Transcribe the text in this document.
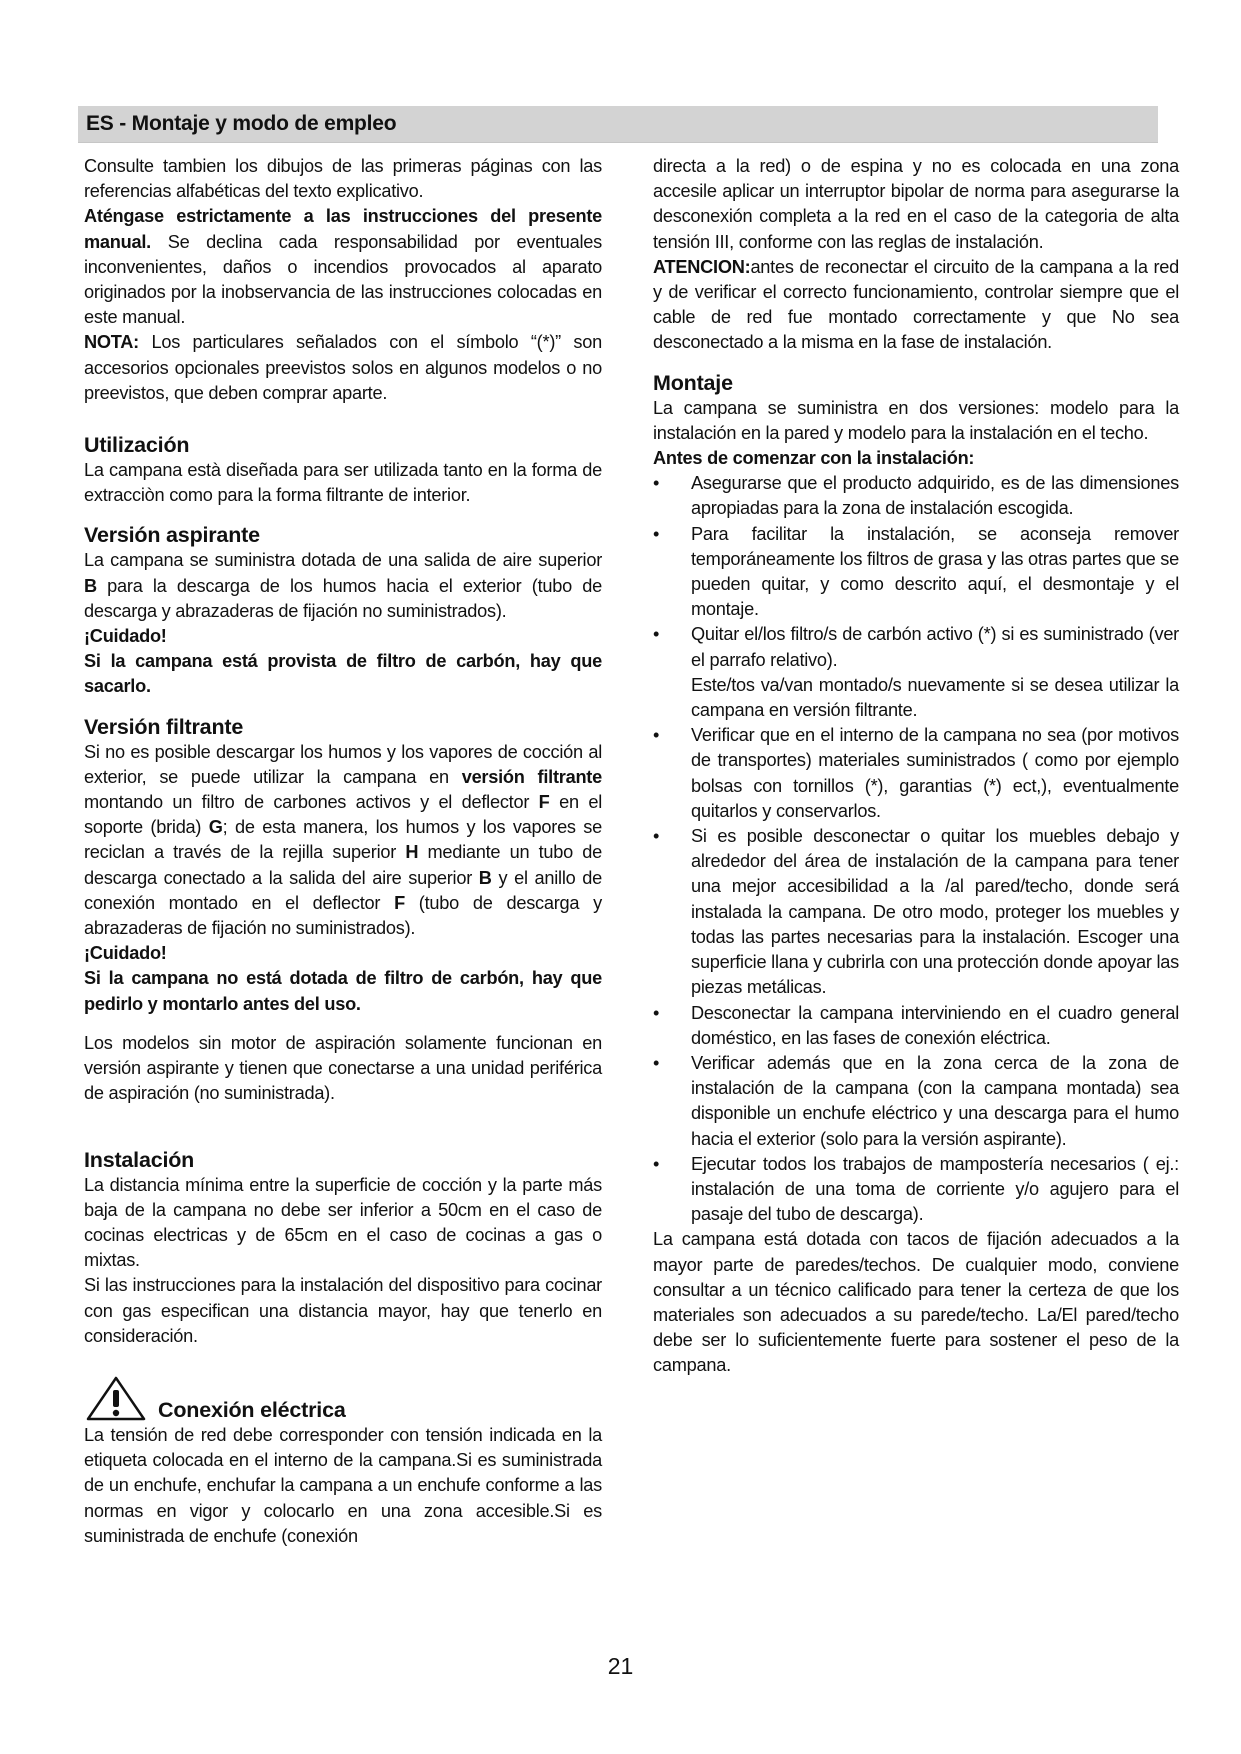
ES - Montaje y modo de empleo

Consulte tambien los dibujos de las primeras páginas con las referencias alfabéticas del texto explicativo.

Aténgase estrictamente a las instrucciones del presente manual. Se declina cada responsabilidad por eventuales inconvenientes, daños o incendios provocados al aparato originados por la inobservancia de las instrucciones colocadas en este manual.

NOTA: Los particulares señalados con el símbolo “(*)” son accesorios opcionales preevistos solos en algunos modelos o no preevistos, que deben comprar aparte.

Utilización

La campana està diseñada para ser utilizada tanto en la forma de extracciòn como para la forma filtrante de interior.

Versión aspirante

La campana se suministra dotada de una salida de aire superior B para la descarga de los humos hacia el exterior (tubo de descarga y abrazaderas de fijación no suministrados).

¡Cuidado!

Si la campana está provista de filtro de carbón, hay que sacarlo.

Versión filtrante

Si no es posible descargar los humos y los vapores de cocción al exterior, se puede utilizar la campana en versión filtrante montando un filtro de carbones activos y el deflector F en el soporte (brida) G; de esta manera, los humos y los vapores se reciclan a través de la rejilla superior H mediante un tubo de descarga conectado a la salida del aire superior B y el anillo de conexión montado en el deflector F (tubo de descarga y abrazaderas de fijación no suministrados).

¡Cuidado!

Si la campana no está dotada de filtro de carbón, hay que pedirlo y montarlo antes del uso.

Los modelos sin motor de aspiración solamente funcionan en versión aspirante y tienen que conectarse a una unidad periférica de aspiración (no suministrada).

Instalación

La distancia mínima entre la superficie de cocción y la parte más baja de la campana no debe ser inferior a 50cm en el caso de cocinas electricas y de 65cm en el caso de cocinas a gas o mixtas.

Si las instrucciones para la instalación del dispositivo para cocinar con gas especifican una distancia mayor, hay que tenerlo en consideración.

Conexión eléctrica

La tensión de red debe corresponder con tensión indicada en la etiqueta colocada en el interno de la campana.Si es suministrada de un enchufe, enchufar la campana a un enchufe conforme a las normas en vigor y colocarlo en una zona accesible.Si es suministrada de enchufe (conexión

directa a la red) o de espina y no es colocada en una zona accesile aplicar un interruptor bipolar de norma para asegurarse la desconexión completa a la red en el caso de la categoria de alta tensión III, conforme con las reglas de instalación.

ATENCION:antes de reconectar el circuito de la campana a la red y de verificar el correcto funcionamiento, controlar siempre que el cable de red fue montado correctamente y que No sea desconectado a la misma en la fase de instalación.

Montaje

La campana se suministra en dos versiones: modelo para la instalación en la pared y modelo para la instalación en el techo.

Antes de comenzar con la instalación:

• Asegurarse que el producto adquirido, es de las dimensiones apropiadas para la zona de instalación escogida.
• Para facilitar la instalación, se aconseja remover temporáneamente los filtros de grasa y las otras partes que se pueden quitar, y como descrito aquí, el desmontaje y el montaje.
• Quitar el/los filtro/s de carbón activo (*) si es suministrado (ver el parrafo relativo).
Este/tos va/van montado/s nuevamente si se desea utilizar la campana en versión filtrante.
• Verificar que en el interno de la campana no sea (por motivos de transportes) materiales suministrados ( como por ejemplo bolsas con tornillos (*), garantias (*) ect,), eventualmente quitarlos y conservarlos.
• Si es posible desconectar o quitar los muebles debajo y alrededor del área de instalación de la campana para tener una mejor accesibilidad a la /al pared/techo, donde será instalada la campana. De otro modo, proteger los muebles y todas las partes necesarias para la instalación. Escoger una superficie llana y cubrirla con una protección donde apoyar las piezas metálicas.
• Desconectar la campana interviniendo en el cuadro general doméstico, en las fases de conexión eléctrica.
• Verificar además que en la zona cerca de la zona de instalación de la campana (con la campana montada) sea disponible un enchufe eléctrico y una descarga para el humo hacia el exterior (solo para la versión aspirante).
• Ejecutar todos los trabajos de mampostería necesarios ( ej.: instalación de una toma de corriente y/o agujero para el pasaje del tubo de descarga).

La campana está dotada con tacos de fijación adecuados a la mayor parte de paredes/techos. De cualquier modo, conviene consultar a un técnico calificado para tener la certeza de que los materiales son adecuados a su parede/techo. La/El pared/techo debe ser lo suficientemente fuerte para sostener el peso de la campana.

21
